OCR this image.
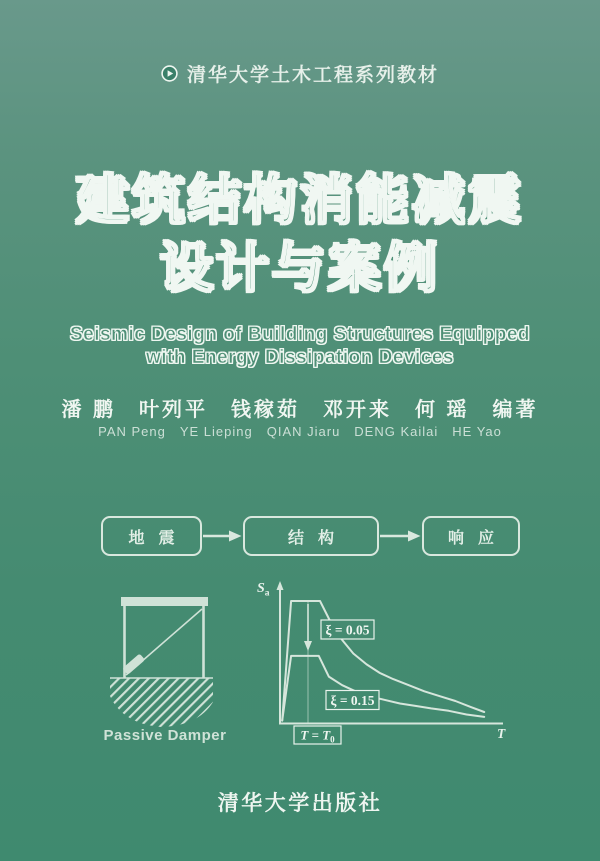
清华大学土木工程系列教材
建筑结构消能减震
设计与案例
Seismic Design of Building Structures Equipped
with Energy Dissipation Devices
潘 鹏　叶列平　钱稼茹　邓开来　何 瑶　编著
PAN Peng　YE Lieping　QIAN Jiaru　DENG Kailai　HE Yao
地震	结构	响应
Passive Damper
ξ = 0.05
ξ = 0.15
$T = T_0$
$S_a$
T
清华大学出版社
